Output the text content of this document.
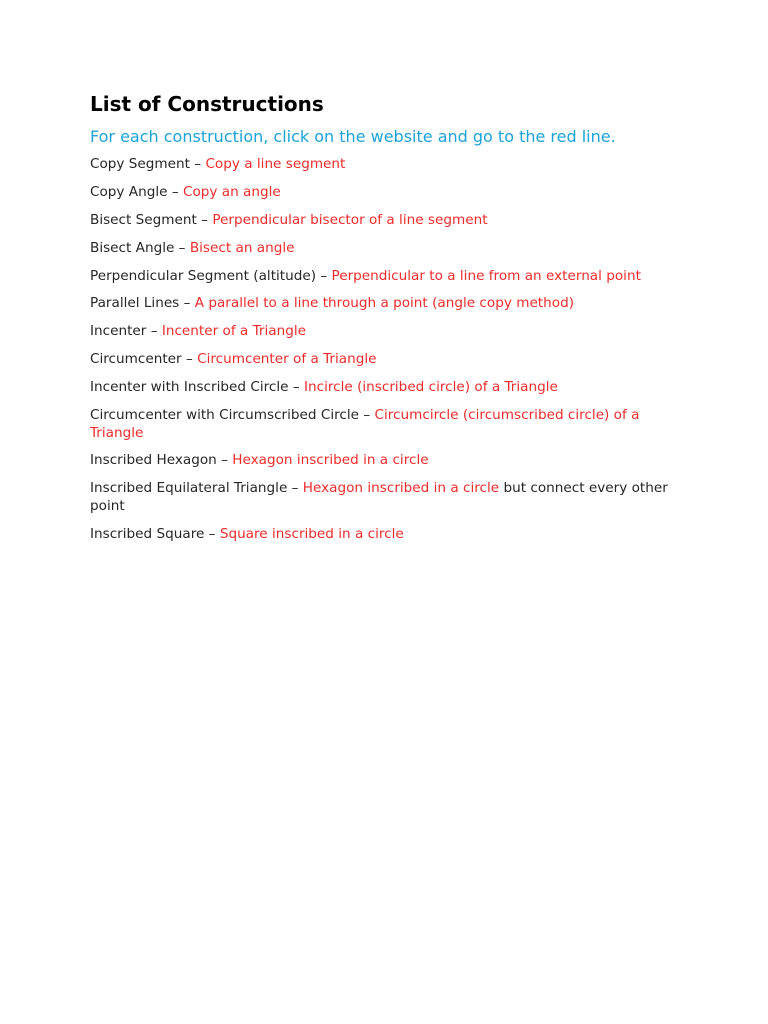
List of Constructions

For each construction, click on the website and go to the red line.

Copy Segment – Copy a line segment
Copy Angle – Copy an angle
Bisect Segment – Perpendicular bisector of a line segment
Bisect Angle – Bisect an angle
Perpendicular Segment (altitude) – Perpendicular to a line from an external point
Parallel Lines – A parallel to a line through a point (angle copy method)
Incenter – Incenter of a Triangle
Circumcenter – Circumcenter of a Triangle
Incenter with Inscribed Circle – Incircle (inscribed circle) of a Triangle
Circumcenter with Circumscribed Circle – Circumcircle (circumscribed circle) of a Triangle
Inscribed Hexagon – Hexagon inscribed in a circle
Inscribed Equilateral Triangle – Hexagon inscribed in a circle but connect every other point
Inscribed Square – Square inscribed in a circle
